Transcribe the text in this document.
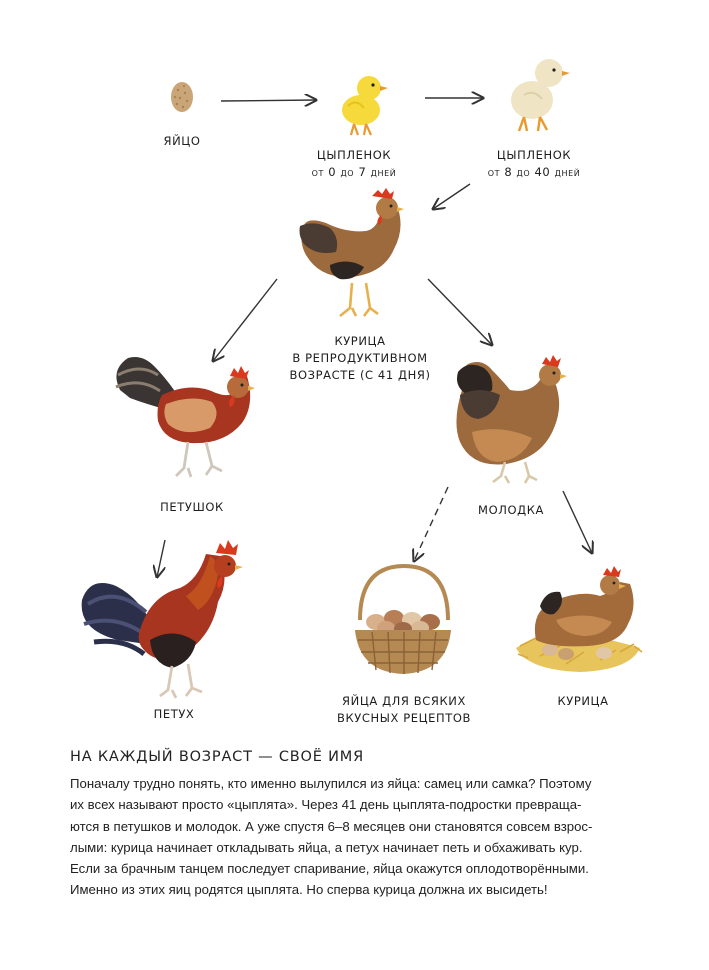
ЯЙЦО
ЦЫПЛЕНОК
от 0 до 7 дней
ЦЫПЛЕНОК
от 8 до 40 дней
КУРИЦА
В РЕПРОДУКТИВНОМ
ВОЗРАСТЕ (С 41 ДНЯ)
ПЕТУШОК	МОЛОДКА
ПЕТУХ
ЯЙЦА ДЛЯ ВСЯКИХ
ВКУСНЫХ РЕЦЕПТОВ
КУРИЦА
НА КАЖДЫЙ ВОЗРАСТ — СВОЁ ИМЯ
Поначалу трудно понять, кто именно вылупился из яйца: самец или самка? Поэтому
их всех называют просто «цыплята». Через 41 день цыплята-подростки превраща-
ются в петушков и молодок. А уже спустя 6–8 месяцев они становятся совсем взрос-
лыми: курица начинает откладывать яйца, а петух начинает петь и обхаживать кур.
Если за брачным танцем последует спаривание, яйца окажутся оплодотворёнными.
Именно из этих яиц родятся цыплята. Но сперва курица должна их высидеть!
